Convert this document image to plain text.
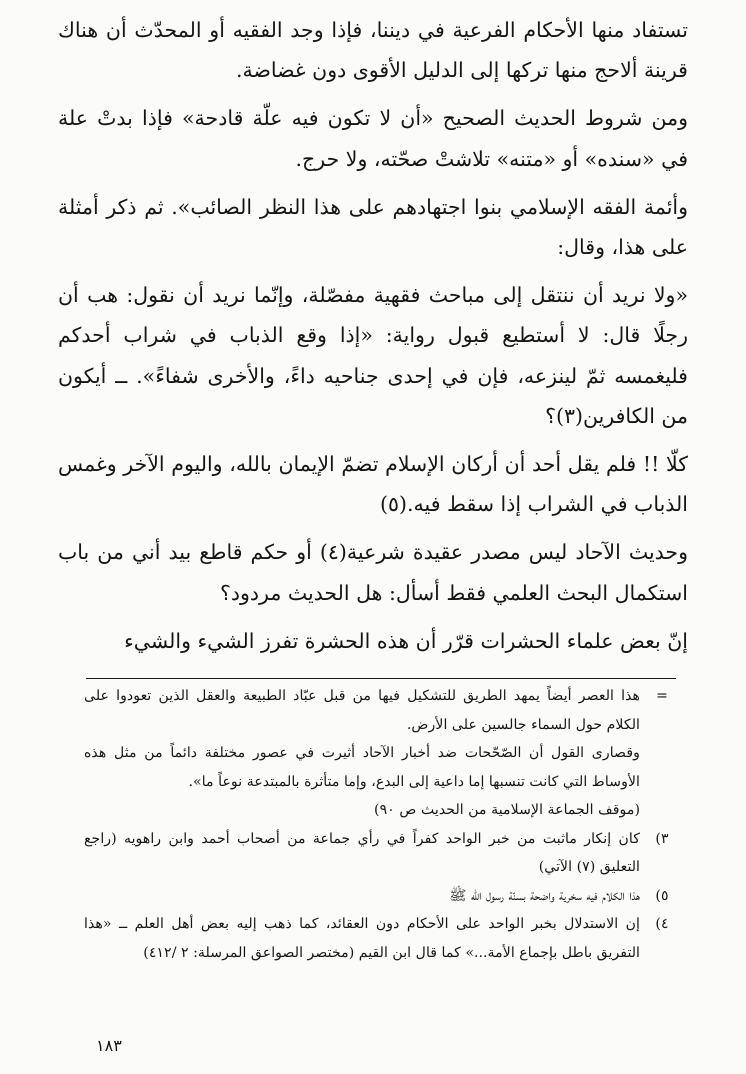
تستفاد منها الأحكام الفرعية في ديننا، فإذا وجد الفقيه أو المحدّث أن هناك قرينة ألاحج منها تركها إلى الدليل الأقوى دون غضاضة.

ومن شروط الحديث الصحيح «أن لا تكون فيه علّة قادحة» فإذا بدتْ علة في «سنده» أو «متنه» تلاشتْ صحّته، ولا حرج.

وأئمة الفقه الإسلامي بنوا اجتهادهم على هذا النظر الصائب». ثم ذكر أمثلة على هذا، وقال:

«ولا نريد أن ننتقل إلى مباحث فقهية مفصّلة، وإنّما نريد أن نقول: هب أن رجلًا قال: لا أستطيع قبول رواية: «إذا وقع الذباب في شراب أحدكم فليغمسه ثمّ لينزعه، فإن في إحدى جناحيه داءً، والأخرى شفاءً». ــ أيكون من الكافرين(٣)؟

كلّا !! فلم يقل أحد أن أركان الإسلام تضمّ الإيمان بالله، واليوم الآخر وغمس الذباب في الشراب إذا سقط فيه.(٥)

وحديث الآحاد ليس مصدر عقيدة شرعية(٤) أو حكم قاطع بيد أني من باب استكمال البحث العلمي فقط أسأل: هل الحديث مردود؟

إنّ بعض علماء الحشرات قرّر أن هذه الحشرة تفرز الشيء والشيء

=
هذا العصر أيضاً يمهد الطريق للتشكيل فيها من قبل عبّاد الطبيعة والعقل الذين تعودوا على الكلام حول السماء جالسين على الأرض.
وقصارى القول أن الصّحّحات ضد أخبار الآحاد أثيرت في عصور مختلفة دائماً من مثل هذه الأوساط التي كانت تنسبها إما داعية إلى البدع، وإما متأثرة بالمبتدعة نوعاً ما».
(موقف الجماعة الإسلامية من الحديث ص ٩٠)
٣)
كان إنكار ماثبت من خبر الواحد كفراً في رأي جماعة من أصحاب أحمد وابن راهويه (راجع التعليق (٧) الآتي)
٥)
هذا الكلام فيه سخرية واضحة بسنّة رسول الله ﷺ
٤)
إن الاستدلال بخبر الواحد على الأحكام دون العقائد، كما ذهب إليه بعض أهل العلم ــ «هذا التفريق باطل بإجماع الأمة...» كما قال ابن القيم (مختصر الصواعق المرسلة: ٢ /٤١٢)
١٨٣
